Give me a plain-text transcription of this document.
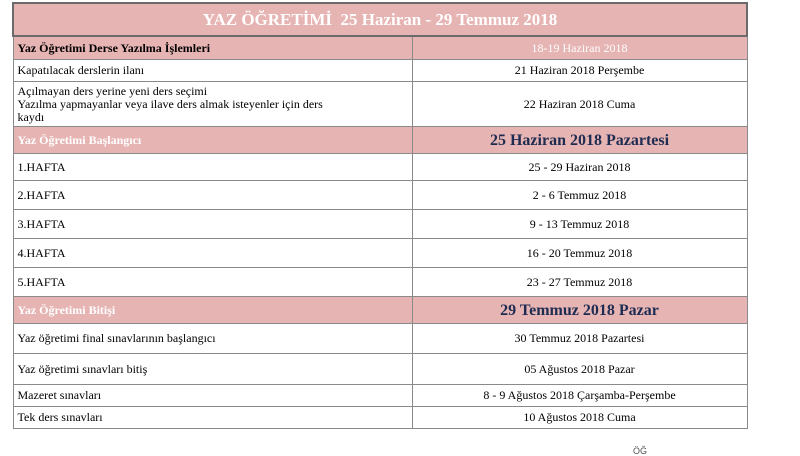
YAZ ÖĞRETİMİ  25 Haziran - 29 Temmuz 2018	
Yaz Öğretimi Derse Yazılma İşlemleri	18-19 Haziran 2018
Kapatılacak derslerin ilanı	21 Haziran 2018 Perşembe

Açılmayan ders yerine yeni ders seçimi
Yazılma yapmayanlar veya ilave ders almak isteyenler için ders
kaydı	22 Haziran 2018 Cuma
Yaz Öğretimi Başlangıcı	25 Haziran 2018 Pazartesi
1.HAFTA	25 - 29 Haziran 2018
2.HAFTA	2 - 6 Temmuz 2018
3.HAFTA	9 - 13 Temmuz 2018
4.HAFTA	16 - 20 Temmuz 2018
5.HAFTA	23 - 27 Temmuz 2018
Yaz Öğretimi Bitişi	29 Temmuz 2018 Pazar
Yaz öğretimi final sınavlarının başlangıcı	30 Temmuz 2018 Pazartesi
Yaz öğretimi sınavları bitiş	05 Ağustos 2018 Pazar
Mazeret sınavları	8 - 9 Ağustos 2018 Çarşamba-Perşembe
Tek ders sınavları	10 Ağustos 2018 Cuma
ÖĞ
